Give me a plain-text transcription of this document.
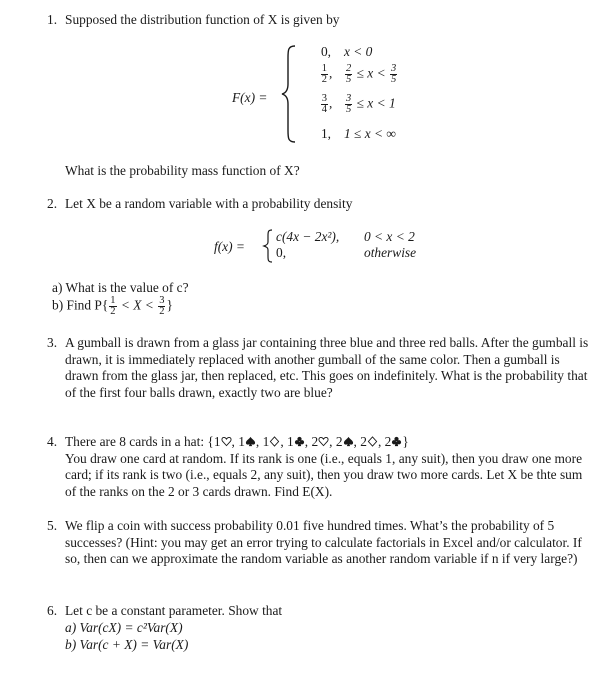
1. Supposed the distribution function of X is given by
F(x) =
0, x < 0
$\frac{1}{2}$ ,	$\frac{2}{5} \le x < \frac{3}{5}$
$\frac{3}{4}$ ,	$\frac{3}{5} \le x < 1$
1, 1 ≤ x < ∞
What is the probability mass function of X?
2. Let X be a random variable with a probability density
f(x) =
c(4x − 2x²), 0 < x < 2
0,	otherwise
a) What is the value of c?
b) Find $P\{ \frac{1}{2} < X < \frac{3}{2}$ }
3. A gumball is drawn from a glass jar containing three blue and three red balls. After the gumball is drawn, it is immediately replaced with another gumball of the same color. Then a gumball is drawn from the glass jar, then replaced, etc. This goes on indefinitely. What is the probability that of the first four balls drawn, exactly two are blue?
4. There are 8 cards in a hat: {1 , 1 , 1 , 1 , 2 , 2 , 2 , 2 }
You draw one card at random. If its rank is one (i.e., equals 1, any suit), then you draw one more card; if its rank is two (i.e., equals 2, any suit), then you draw two more cards. Let X be thte sum of the ranks on the 2 or 3 cards drawn. Find E(X).
5. We flip a coin with success probability 0.01 five hundred times. What’s the probability of 5 successes? (Hint: you may get an error trying to calculate factorials in Excel and/or calculator. If so, then can we approximate the random variable as another random variable if n if very large?)
6. Let c be a constant parameter. Show that
a) Var(cX) = c²Var(X)
b) Var(c + X) = Var(X)
